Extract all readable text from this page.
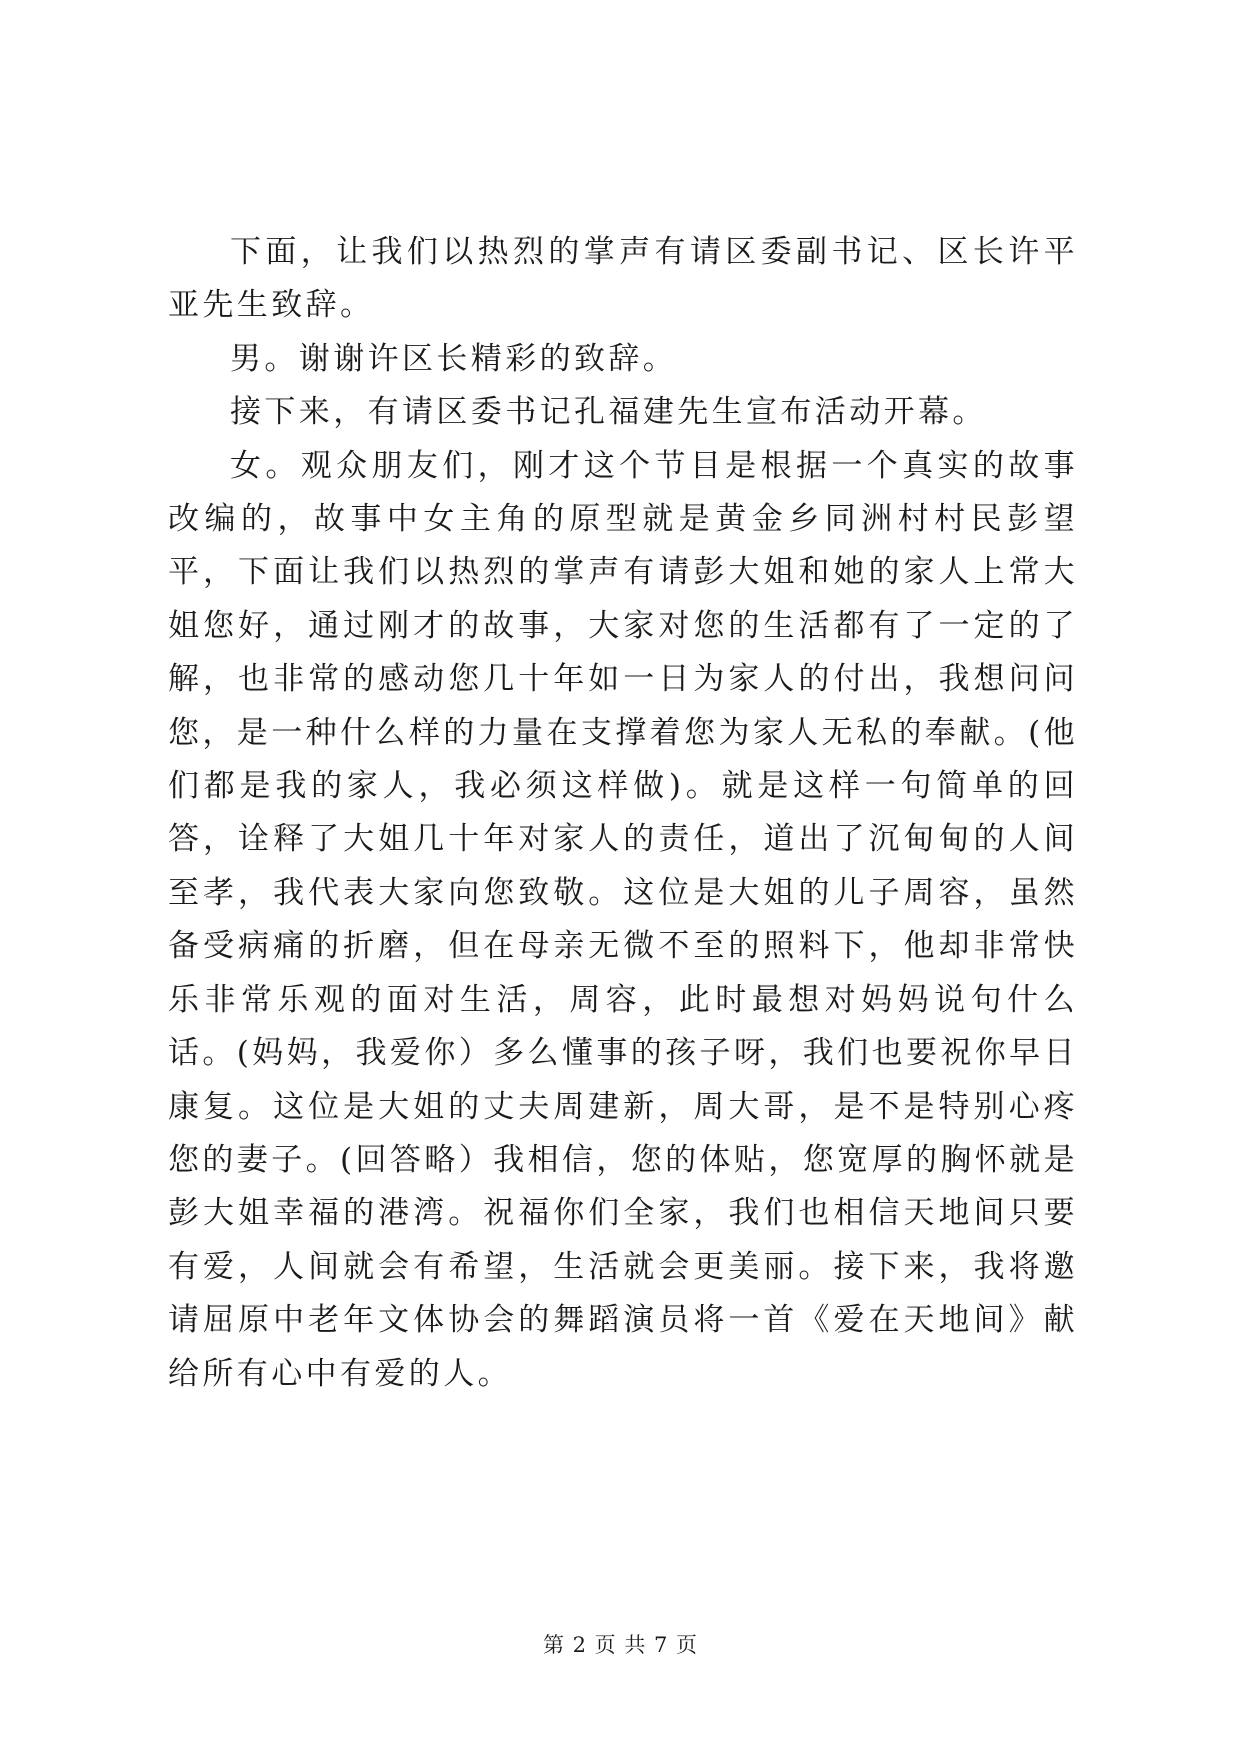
下面，让我们以热烈的掌声有请区委副书记、区长许平亚先生致辞。

男。谢谢许区长精彩的致辞。

接下来，有请区委书记孔福建先生宣布活动开幕。

女。观众朋友们，刚才这个节目是根据一个真实的故事改编的，故事中女主角的原型就是黄金乡同洲村村民彭望平，下面让我们以热烈的掌声有请彭大姐和她的家人上常大姐您好，通过刚才的故事，大家对您的生活都有了一定的了解，也非常的感动您几十年如一日为家人的付出，我想问问您，是一种什么样的力量在支撑着您为家人无私的奉献。(他们都是我的家人，我必须这样做)。就是这样一句简单的回答，诠释了大姐几十年对家人的责任，道出了沉甸甸的人间至孝，我代表大家向您致敬。这位是大姐的儿子周容，虽然备受病痛的折磨，但在母亲无微不至的照料下，他却非常快乐非常乐观的面对生活，周容，此时最想对妈妈说句什么话。(妈妈，我爱你）多么懂事的孩子呀，我们也要祝你早日康复。这位是大姐的丈夫周建新，周大哥，是不是特别心疼您的妻子。(回答略）我相信，您的体贴，您宽厚的胸怀就是彭大姐幸福的港湾。祝福你们全家，我们也相信天地间只要有爱，人间就会有希望，生活就会更美丽。接下来，我将邀请屈原中老年文体协会的舞蹈演员将一首《爱在天地间》献给所有心中有爱的人。

第 2 页 共 7 页
